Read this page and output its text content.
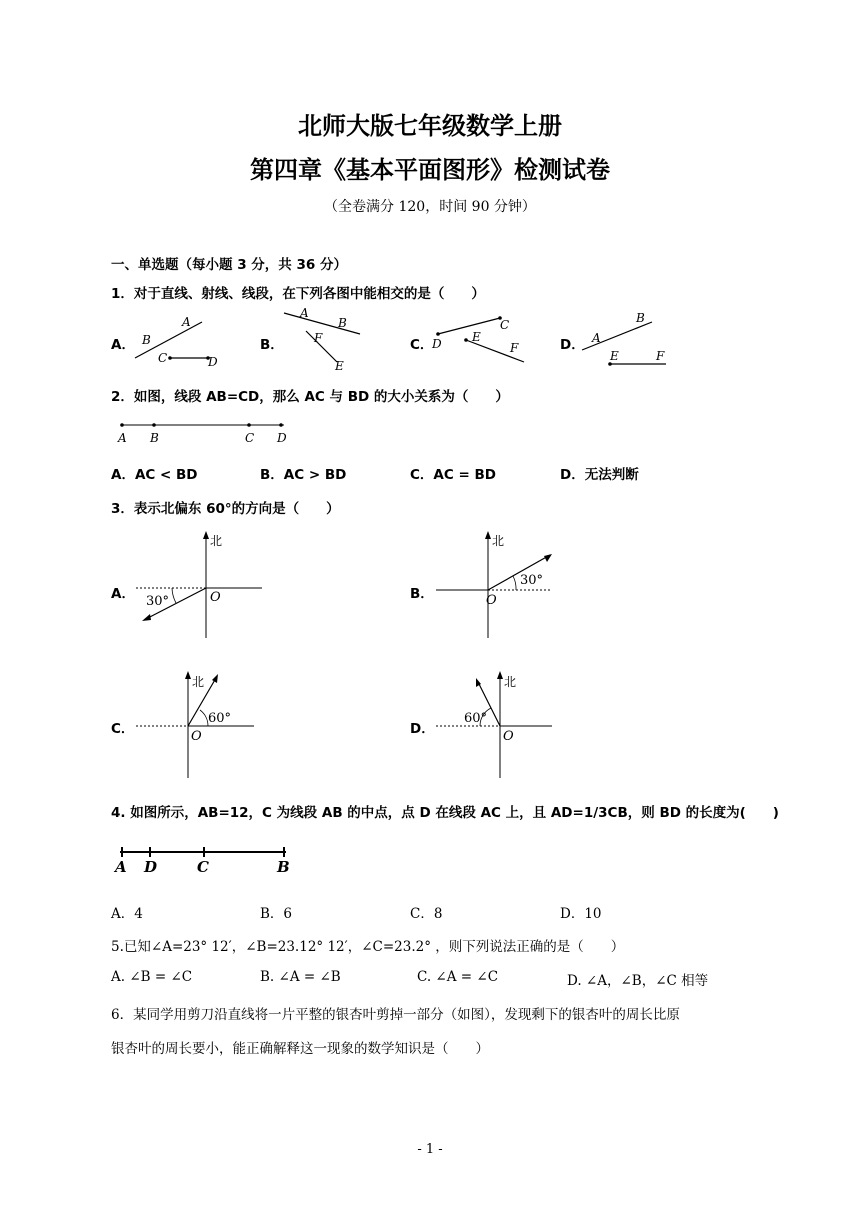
北师大版七年级数学上册
第四章《基本平面图形》检测试卷
（全卷满分 120，时间 90 分钟）
一、单选题（每小题 3 分，共 36 分）
1．对于直线、射线、线段，在下列各图中能相交的是（　　）
A．	B．	C．	D．
A
B
C	D
A
B
F
E
C
D	E
F
B
A
E	F
2．如图，线段 AB=CD，那么 AC 与 BD 的大小关系为（　　）
A B	C D
A．AC < BD	B．AC > BD	C．AC = BD	D．无法判断
3．表示北偏东 60°的方向是（　　）
A．
北
30°	O	B．
北
30°
O
C．
北
60°
O	D．
北
60°
O
4. 如图所示，AB=12，C 为线段 AB 的中点，点 D 在线段 AC 上，且 AD=1/3CB，则 BD 的长度为(　　)
A D	C	B
A．4	B．6	C．8	D．10
5.已知∠A=23° 12′，∠B=23.12° 12′，∠C=23.2° ，则下列说法正确的是（　　）
A. ∠B = ∠C	B. ∠A = ∠B	C. ∠A = ∠C	D. ∠A，∠B，∠C 相等
6．某同学用剪刀沿直线将一片平整的银杏叶剪掉一部分（如图），发现剩下的银杏叶的周长比原
银杏叶的周长要小，能正确解释这一现象的数学知识是（　　）
- 1 -
